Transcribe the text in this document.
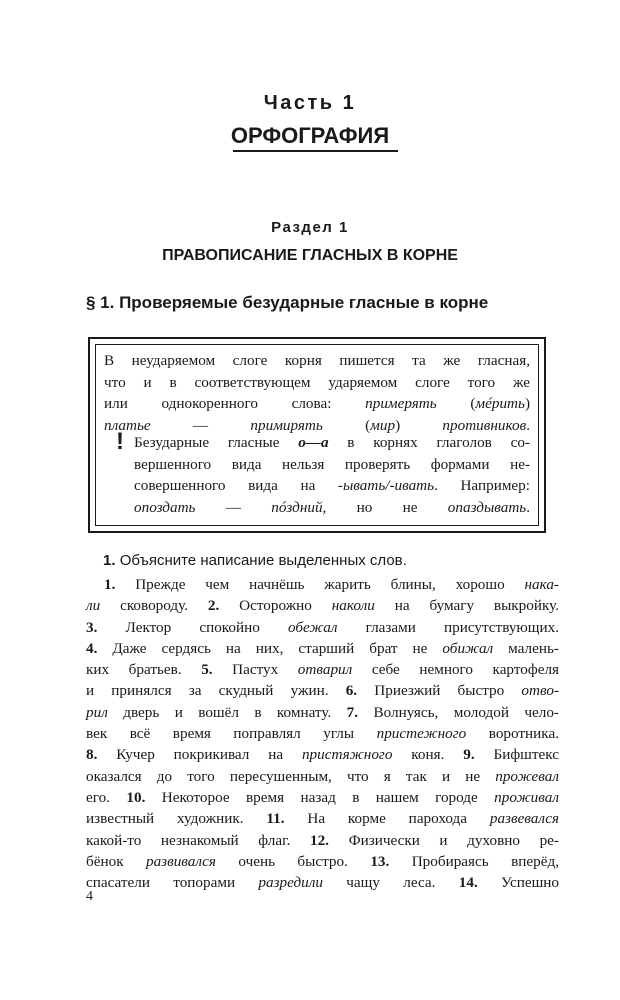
Часть 1
ОРФОГРАФИЯ
Раздел 1
ПРАВОПИСАНИЕ ГЛАСНЫХ В КОРНЕ
§ 1. Проверяемые безударные гласные в корне
В неударяемом слоге корня пишется та же гласная,
что и в соответствующем ударяемом слоге того же
или однокоренного слова: примерять (мéрить)
платье — примирять (мир) противников.
! Безударные гласные о—а в корнях глаголов со-
вершенного вида нельзя проверять формами не-
совершенного вида на -ывать/-ивать. Например:
опоздать — пóздний, но не опаздывать.
1. Объясните написание выделенных слов.
1. Прежде чем начнёшь жарить блины, хорошо нака-
ли сковороду. 2. Осторожно наколи на бумагу выкройку.
3. Лектор спокойно обежал глазами присутствующих.
4. Даже сердясь на них, старший брат не обижал малень-
ких братьев. 5. Пастух отварил себе немного картофеля
и принялся за скудный ужин. 6. Приезжий быстро отво-
рил дверь и вошёл в комнату. 7. Волнуясь, молодой чело-
век всё время поправлял углы пристежного воротника.
8. Кучер покрикивал на пристяжного коня. 9. Бифштекс
оказался до того пересушенным, что я так и не прожевал
его. 10. Некоторое время назад в нашем городе проживал
известный художник. 11. На корме парохода развевался
какой-то незнакомый флаг. 12. Физически и духовно ре-
бёнок развивался очень быстро. 13. Пробираясь вперёд,
спасатели топорами разредили чащу леса. 14. Успешно
4
